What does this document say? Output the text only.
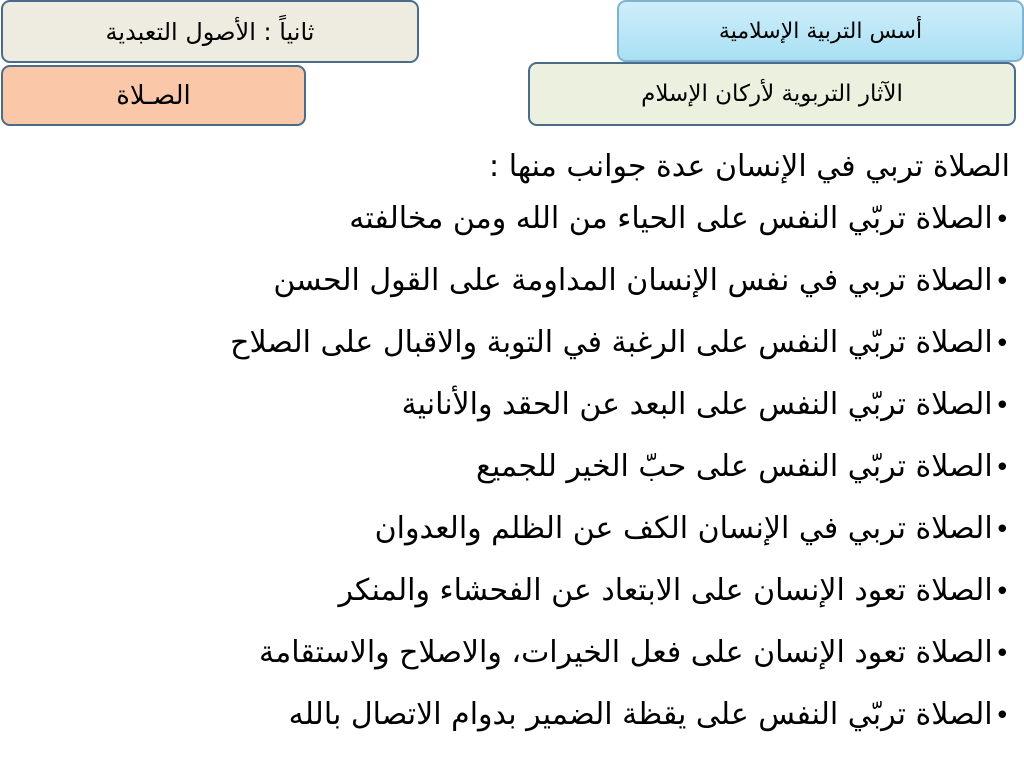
ثانياً : الأصول التعبدية	أسس التربية الإسلامية
الصـلاة	الآثار التربوية لأركان الإسلام

الصلاة تربي في الإنسان عدة جوانب منها :

•الصلاة تربّي النفس على الحياء من الله ومن مخالفته
•الصلاة تربي في نفس الإنسان المداومة على القول الحسن
•الصلاة تربّي النفس على الرغبة في التوبة والاقبال على الصلاح
•الصلاة تربّي النفس على البعد عن الحقد والأنانية
•الصلاة تربّي النفس على حبّ الخير للجميع
•الصلاة تربي في الإنسان الكف عن الظلم والعدوان
•الصلاة تعود الإنسان على الابتعاد عن الفحشاء والمنكر
•الصلاة تعود الإنسان على فعل الخيرات، والاصلاح والاستقامة
•الصلاة تربّي النفس على يقظة الضمير بدوام الاتصال بالله
